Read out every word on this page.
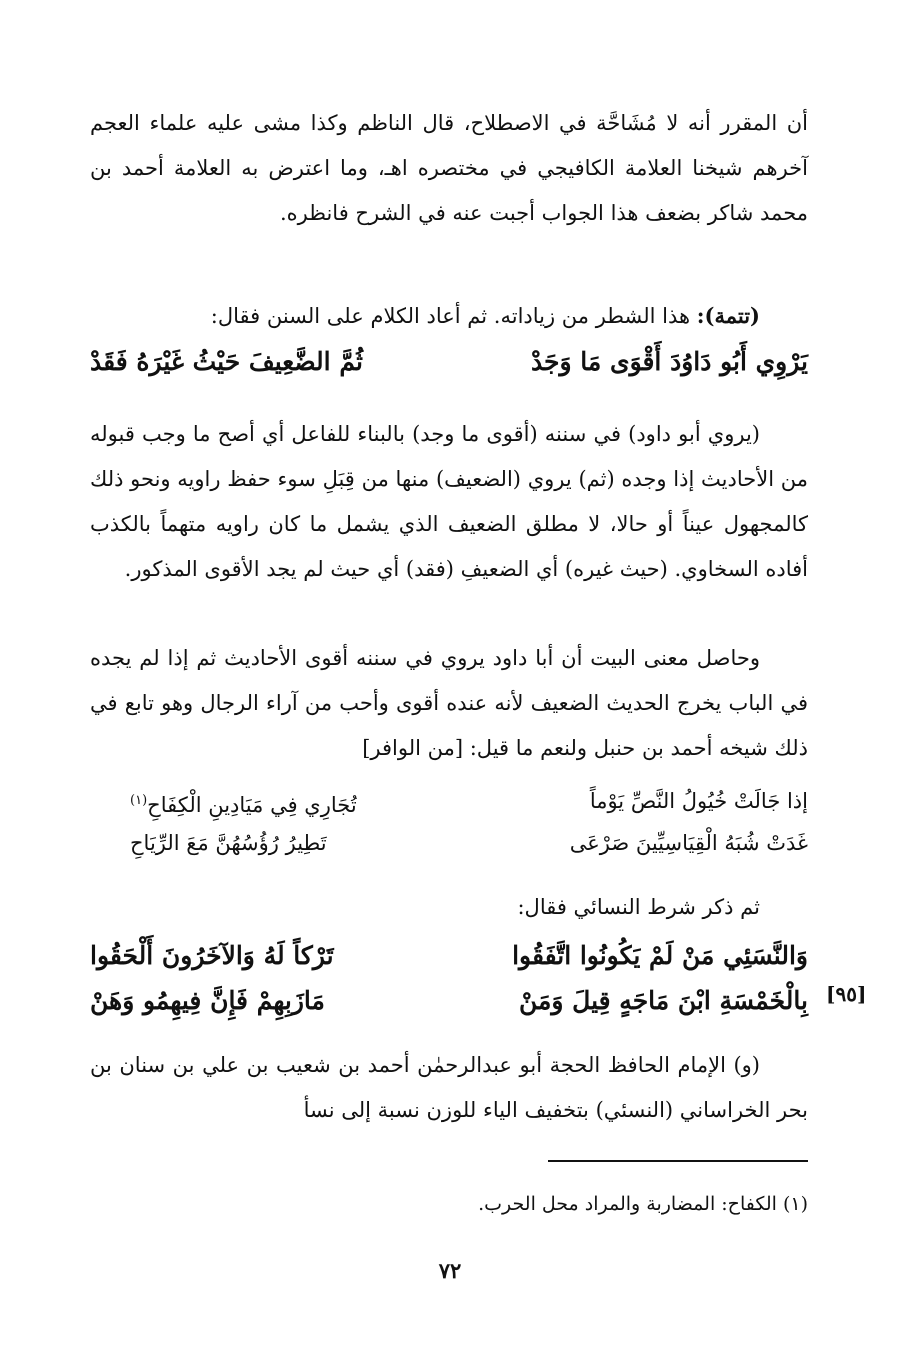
أن المقرر أنه لا مُشَاحَّة في الاصطلاح، قال الناظم وكذا مشى عليه علماء العجم آخرهم شيخنا العلامة الكافيجي في مختصره اهـ، وما اعترض به العلامة أحمد بن محمد شاكر بضعف هذا الجواب أجبت عنه في الشرح فانظره.
(تتمة): هذا الشطر من زياداته. ثم أعاد الكلام على السنن فقال:
يَرْوِي أَبُو دَاوُدَ أَقْوَى مَا وَجَدْ
ثُمَّ الضَّعِيفَ حَيْثُ غَيْرَهُ فَقَدْ
(يروي أبو داود) في سننه (أقوى ما وجد) بالبناء للفاعل أي أصح ما وجب قبوله من الأحاديث إذا وجده (ثم) يروي (الضعيف) منها من قِبَلِ سوء حفظ راويه ونحو ذلك كالمجهول عيناً أو حالا، لا مطلق الضعيف الذي يشمل ما كان راويه متهماً بالكذب أفاده السخاوي. (حيث غيره) أي الضعيفِ (فقد) أي حيث لم يجد الأقوى المذكور.
وحاصل معنى البيت أن أبا داود يروي في سننه أقوى الأحاديث ثم إذا لم يجده في الباب يخرج الحديث الضعيف لأنه عنده أقوى وأحب من آراء الرجال وهو تابع في ذلك شيخه أحمد بن حنبل ولنعم ما قيل: [من الوافر]
إذا جَالَتْ خُيُولُ النَّصِّ يَوْماً
تُجَارِي فِي مَيَادِينِ الْكِفَاحِ$^{(١)}$
غَدَتْ شُبَهُ الْقِيَاسِيِّينَ صَرْعَى
تَطِيرُ رُؤُسُهُنَّ مَعَ الرِّيَاحِ
ثم ذكر شرط النسائي فقال:
وَالنَّسَئِي مَنْ لَمْ يَكُونُوا اتَّفَقُوا
تَرْكاً لَهُ وَالآخَرُونَ أَلْحَقُوا
بِالْخَمْسَةِ ابْنَ مَاجَهٍ قِيلَ وَمَنْ
مَازَبِهِمْ فَإِنَّ فِيهِمُو وَهَنْ	[٩٥]
(و) الإمام الحافظ الحجة أبو عبدالرحمٰن أحمد بن شعيب بن علي بن سنان بن بحر الخراساني (النسئي) بتخفيف الياء للوزن نسبة إلى نسأ
(١) الكفاح: المضاربة والمراد محل الحرب.
٧٢
